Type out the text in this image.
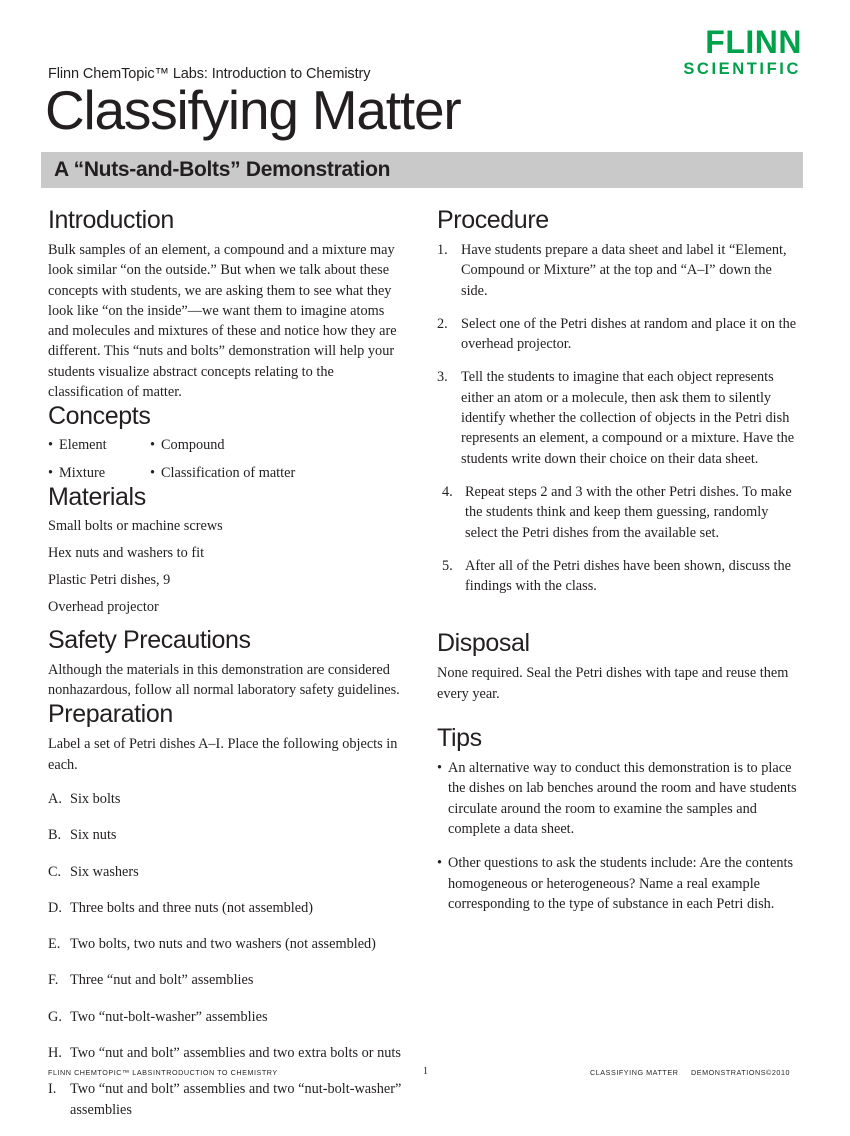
FLINN
SCIENTIFIC
Flinn ChemTopic™ Labs: Introduction to Chemistry
Classifying Matter
A “Nuts-and-Bolts” Demonstration
Introduction

Bulk samples of an element, a compound and a mixture may look similar “on the outside.” But when we talk about these concepts with students, we are asking them to see what they look like “on the inside”—we want them to imagine atoms and molecules and mixtures of these and notice how they are different. This “nuts and bolts” demonstration will help your students visualize abstract concepts relating to the classification of matter.

Concepts
• Element	• Compound
• Mixture	• Classification of matter
Materials
Small bolts or machine screws
Hex nuts and washers to fit
Plastic Petri dishes, 9
Overhead projector
Safety Precautions

Although the materials in this demonstration are considered nonhazardous, follow all normal laboratory safety guidelines.

Preparation

Label a set of Petri dishes A–I. Place the following objects in each.

A. Six bolts
B. Six nuts
C. Six washers
D. Three bolts and three nuts (not assembled)
E. Two bolts, two nuts and two washers (not assembled)
F. Three “nut and bolt” assemblies
G. Two “nut-bolt-washer” assemblies
H. Two “nut and bolt” assemblies and two extra bolts or nuts
I. Two “nut and bolt” assemblies and two “nut-bolt-washer” assemblies
Procedure
1. Have students prepare a data sheet and label it “Element, Compound or Mixture” at the top and “A–I” down the side.
2. Select one of the Petri dishes at random and place it on the overhead projector.
3. Tell the students to imagine that each object represents either an atom or a molecule, then ask them to silently identify whether the collection of objects in the Petri dish represents an element, a compound or a mixture. Have the students write down their choice on their data sheet.
4. Repeat steps 2 and 3 with the other Petri dishes. To make the students think and keep them guessing, randomly select the Petri dishes from the available set.
5. After all of the Petri dishes have been shown, discuss the findings with the class.
Disposal

None required. Seal the Petri dishes with tape and reuse them every year.

Tips
• An alternative way to conduct this demonstration is to place the dishes on lab benches around the room and have students circulate around the room to examine the samples and complete a data sheet.
• Other questions to ask the students include: Are the contents homogeneous or heterogeneous? Name a real example corresponding to the type of substance in each Petri dish.
FLINN CHEMTOPIC™ LABS INTRODUCTION TO CHEMISTRY	1	CLASSIFYING MATTER DEMONSTRATIONS ©2010
